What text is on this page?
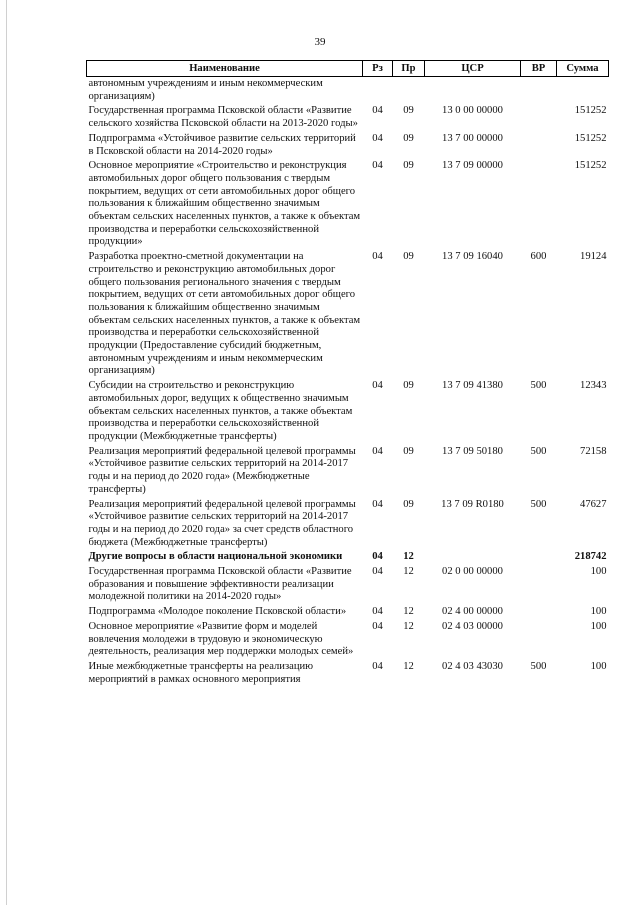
39
Наименование	Рз	Пр	ЦСР	ВР	Сумма
автономным учреждениям и иным некоммерческим организациям)					
Государственная программа Псковской области «Развитие сельского хозяйства Псковской области на 2013-2020 годы»	04	09	13 0 00 00000		151252
Подпрограмма «Устойчивое развитие сельских территорий в Псковской области на 2014-2020 годы»	04	09	13 7 00 00000		151252
Основное мероприятие «Строительство и реконструкция автомобильных дорог общего пользования с твердым покрытием, ведущих от сети автомобильных дорог общего пользования к ближайшим общественно значимым объектам сельских населенных пунктов, а также к объектам производства и переработки сельскохозяйственной продукции»	04	09	13 7 09 00000		151252
Разработка проектно-сметной документации на строительство и реконструкцию автомобильных дорог общего пользования регионального значения с твердым покрытием, ведущих от сети автомобильных дорог общего пользования к ближайшим общественно значимым объектам сельских населенных пунктов, а также к объектам производства и переработки сельскохозяйственной продукции (Предоставление субсидий бюджетным, автономным учреждениям и иным некоммерческим организациям)	04	09	13 7 09 16040	600	19124
Субсидии на строительство и реконструкцию автомобильных дорог, ведущих к общественно значимым объектам сельских населенных пунктов, а также объектам производства и переработки сельскохозяйственной продукции (Межбюджетные трансферты)	04	09	13 7 09 41380	500	12343
Реализация мероприятий федеральной целевой программы «Устойчивое развитие сельских территорий на 2014-2017 годы и на период до 2020 года» (Межбюджетные трансферты)	04	09	13 7 09 50180	500	72158
Реализация мероприятий федеральной целевой программы «Устойчивое развитие сельских территорий на 2014-2017 годы и на период до 2020 года» за счет средств областного бюджета (Межбюджетные трансферты)	04	09	13 7 09 R0180	500	47627
Другие вопросы в области национальной экономики	04	12			218742
Государственная программа Псковской области «Развитие образования и повышение эффективности реализации молодежной политики на 2014-2020 годы»	04	12	02 0 00 00000		100
Подпрограмма «Молодое поколение Псковской области»	04	12	02 4 00 00000		100
Основное мероприятие «Развитие форм и моделей вовлечения молодежи в трудовую и экономическую деятельность, реализация мер поддержки молодых семей»	04	12	02 4 03 00000		100
Иные межбюджетные трансферты на реализацию мероприятий в рамках основного мероприятия	04	12	02 4 03 43030	500	100
